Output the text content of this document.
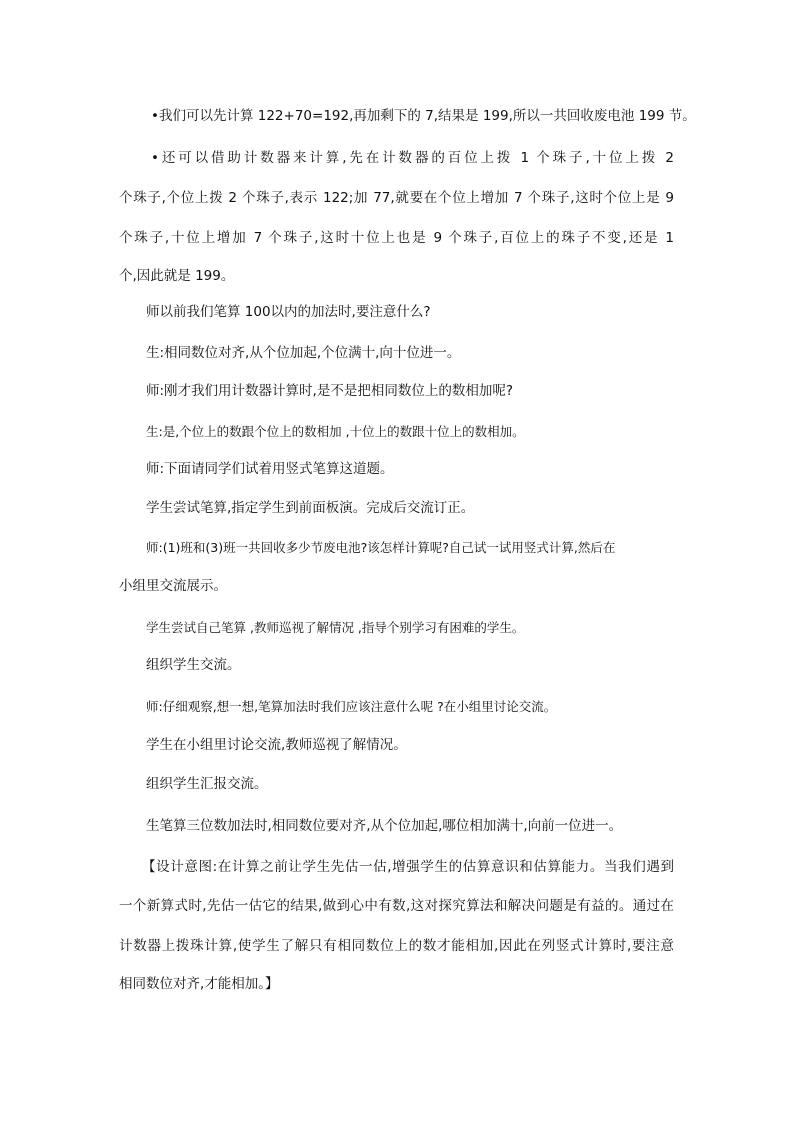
•我们可以先计算 122+70=192,再加剩下的 7,结果是 199,所以一共回收废电池 199 节。
•还可以借助计数器来计算,先在计数器的百位上拨 1 个珠子,十位上拨 2
个珠子,个位上拨 2 个珠子,表示 122;加 77,就要在个位上增加 7 个珠子,这时个位上是 9
个珠子,十位上增加 7 个珠子,这时十位上也是 9 个珠子,百位上的珠子不变,还是 1
个,因此就是 199。
师以前我们笔算 100以内的加法时,要注意什么?
生:相同数位对齐,从个位加起,个位满十,向十位进一。
师:刚才我们用计数器计算时,是不是把相同数位上的数相加呢?
生:是,个位上的数跟个位上的数相加 ,十位上的数跟十位上的数相加。
师:下面请同学们试着用竖式笔算这道题。
学生尝试笔算,指定学生到前面板演。完成后交流订正。
师:(1)班和(3)班一共回收多少节废电池?该怎样计算呢?自己试一试用竖式计算,然后在
小组里交流展示。
学生尝试自己笔算 ,教师巡视了解情况 ,指导个别学习有困难的学生。
组织学生交流。
师:仔细观察,想一想,笔算加法时我们应该注意什么呢 ?在小组里讨论交流。
学生在小组里讨论交流,教师巡视了解情况。
组织学生汇报交流。
生笔算三位数加法时,相同数位要对齐,从个位加起,哪位相加满十,向前一位进一。
【设计意图:在计算之前让学生先估一估,增强学生的估算意识和估算能力。当我们遇到
一个新算式时,先估一估它的结果,做到心中有数,这对探究算法和解决问题是有益的。通过在
计数器上拨珠计算,使学生了解只有相同数位上的数才能相加,因此在列竖式计算时,要注意
相同数位对齐,才能相加。】
